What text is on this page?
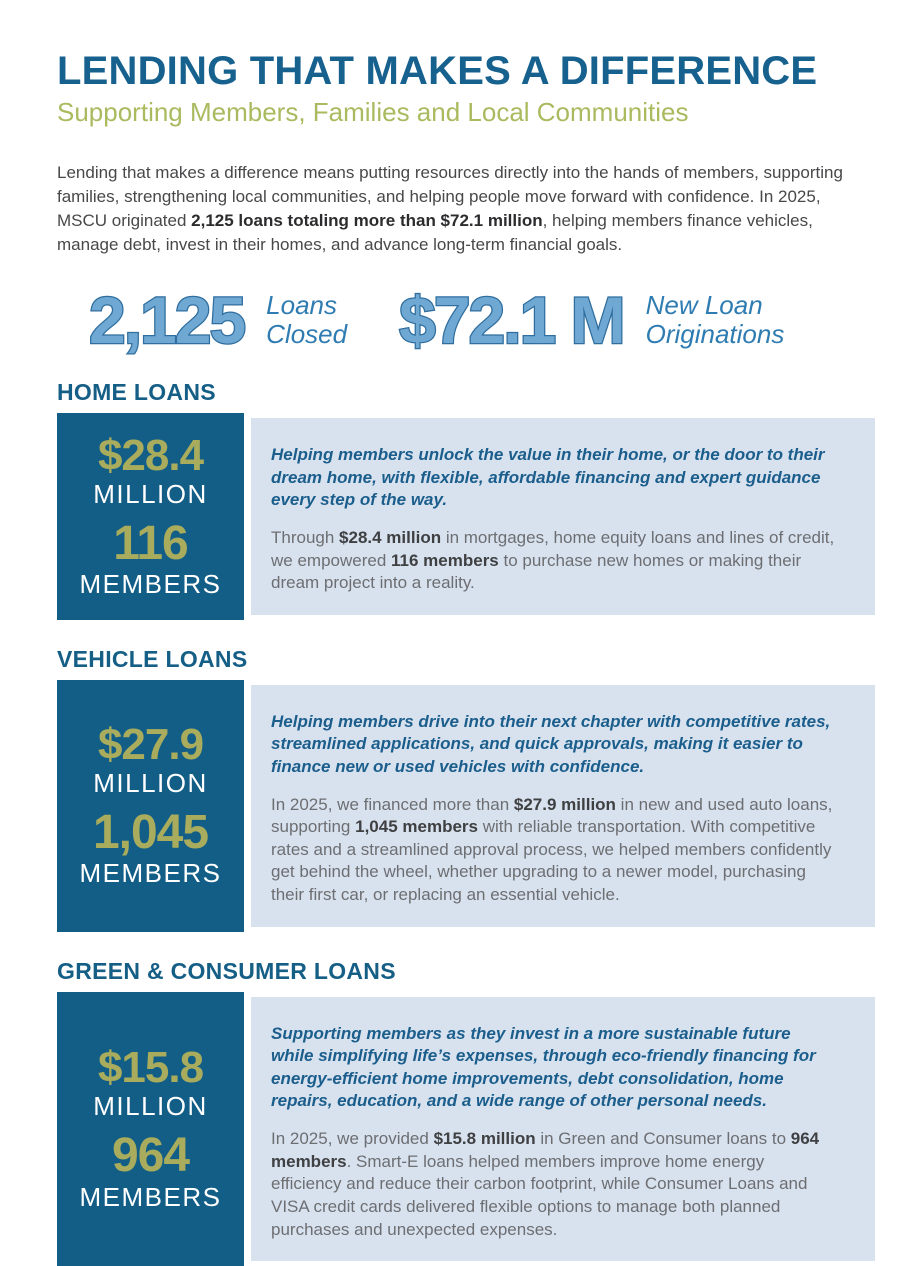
LENDING THAT MAKES A DIFFERENCE
Supporting Members, Families and Local Communities

Lending that makes a difference means putting resources directly into the hands of members, supporting families, strengthening local communities, and helping people move forward with confidence. In 2025, MSCU originated 2,125 loans totaling more than $72.1 million, helping members finance vehicles, manage debt, invest in their homes, and advance long-term financial goals.

2,125 Loans
Closed $72.1 M New Loan
Originations
HOME LOANS
$28.4
MILLION
116
MEMBERS

Helping members unlock the value in their home, or the door to their dream home, with flexible, affordable financing and expert guidance every step of the way.

Through $28.4 million in mortgages, home equity loans and lines of credit, we empowered 116 members to purchase new homes or making their dream project into a reality.

VEHICLE LOANS
$27.9
MILLION
1,045
MEMBERS

Helping members drive into their next chapter with competitive rates, streamlined applications, and quick approvals, making it easier to finance new or used vehicles with confidence.

In 2025, we financed more than $27.9 million in new and used auto loans, supporting 1,045 members with reliable transportation. With competitive rates and a streamlined approval process, we helped members confidently get behind the wheel, whether upgrading to a newer model, purchasing their first car, or replacing an essential vehicle.

GREEN & CONSUMER LOANS
$15.8
MILLION
964
MEMBERS

Supporting members as they invest in a more sustainable future while simplifying life’s expenses, through eco-friendly financing for energy-efficient home improvements, debt consolidation, home repairs, education, and a wide range of other personal needs.

In 2025, we provided $15.8 million in Green and Consumer loans to 964 members. Smart-E loans helped members improve home energy efficiency and reduce their carbon footprint, while Consumer Loans and VISA credit cards delivered flexible options to manage both planned purchases and unexpected expenses.
